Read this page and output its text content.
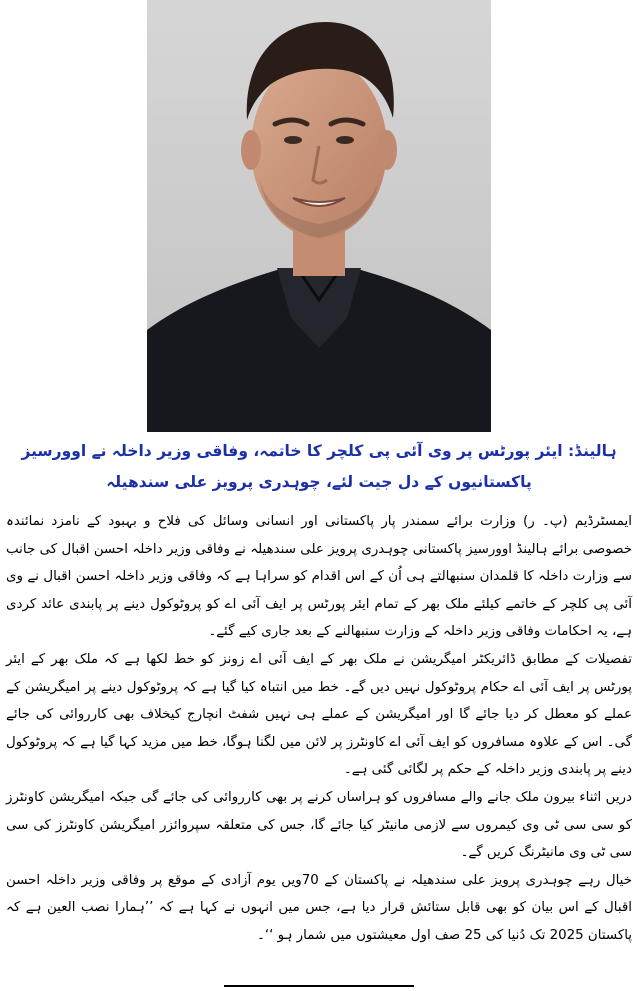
ہالینڈ: ایئر پورٹس پر وی آئی پی کلچر کا خاتمہ، وفاقی وزیر داخلہ نے اوورسیز پاکستانیوں کے دل جیت لئے، چوہدری پرویز علی سندھیلہ

ایمسٹرڈیم (پ۔ ر) وزارت برائے سمندر پار پاکستانی اور انسانی وسائل کی فلاح و بہبود کے نامزد نمائندہ خصوصی برائے ہالینڈ اوورسیز پاکستانی چوہدری پرویز علی سندھیلہ نے وفاقی وزیر داخلہ احسن اقبال کی جانب سے وزارت داخلہ کا قلمدان سنبھالتے ہی اُن کے اس اقدام کو سراہا ہے کہ وفاقی وزیر داخلہ احسن اقبال نے وی آئی پی کلچر کے خاتمے کیلئے ملک بھر کے تمام ایئر پورٹس پر ایف آئی اے کو پروٹوکول دینے پر پابندی عائد کردی ہے، یہ احکامات وفاقی وزیر داخلہ کے وزارت سنبھالنے کے بعد جاری کیے گئے۔

تفصیلات کے مطابق ڈائریکٹر امیگریشن نے ملک بھر کے ایف آئی اے زونز کو خط لکھا ہے کہ ملک بھر کے ایئر پورٹس پر ایف آئی اے حکام پروٹوکول نہیں دیں گے۔ خط میں انتباہ کیا گیا ہے کہ پروٹوکول دینے پر امیگریشن کے عملے کو معطل کر دیا جائے گا اور امیگریشن کے عملے ہی نہیں شفٹ انچارج کیخلاف بھی کارروائی کی جائے گی۔ اس کے علاوہ مسافروں کو ایف آئی اے کاونٹرز پر لائن میں لگنا ہوگا، خط میں مزید کہا گیا ہے کہ پروٹوکول دینے پر پابندی وزیر داخلہ کے حکم پر لگائی گئی ہے۔

دریں اثناء بیرون ملک جانے والے مسافروں کو ہراساں کرنے پر بھی کارروائی کی جائے گی جبکہ امیگریشن کاونٹرز کو سی سی ٹی وی کیمروں سے لازمی مانیٹر کیا جائے گا، جس کی متعلقہ سپروائزر امیگریشن کاونٹرز کی سی سی ٹی وی مانیٹرنگ کریں گے۔

خیال رہے چوہدری پرویز علی سندھیلہ نے پاکستان کے 70ویں یوم آزادی کے موقع پر وفاقی وزیر داخلہ احسن اقبال کے اس بیان کو بھی قابل ستائش قرار دیا ہے، جس میں انہوں نے کہا ہے کہ ’’ہمارا نصب العین ہے کہ پاکستان 2025 تک دُنیا کی 25 صف اول معیشتوں میں شمار ہو ‘‘۔
